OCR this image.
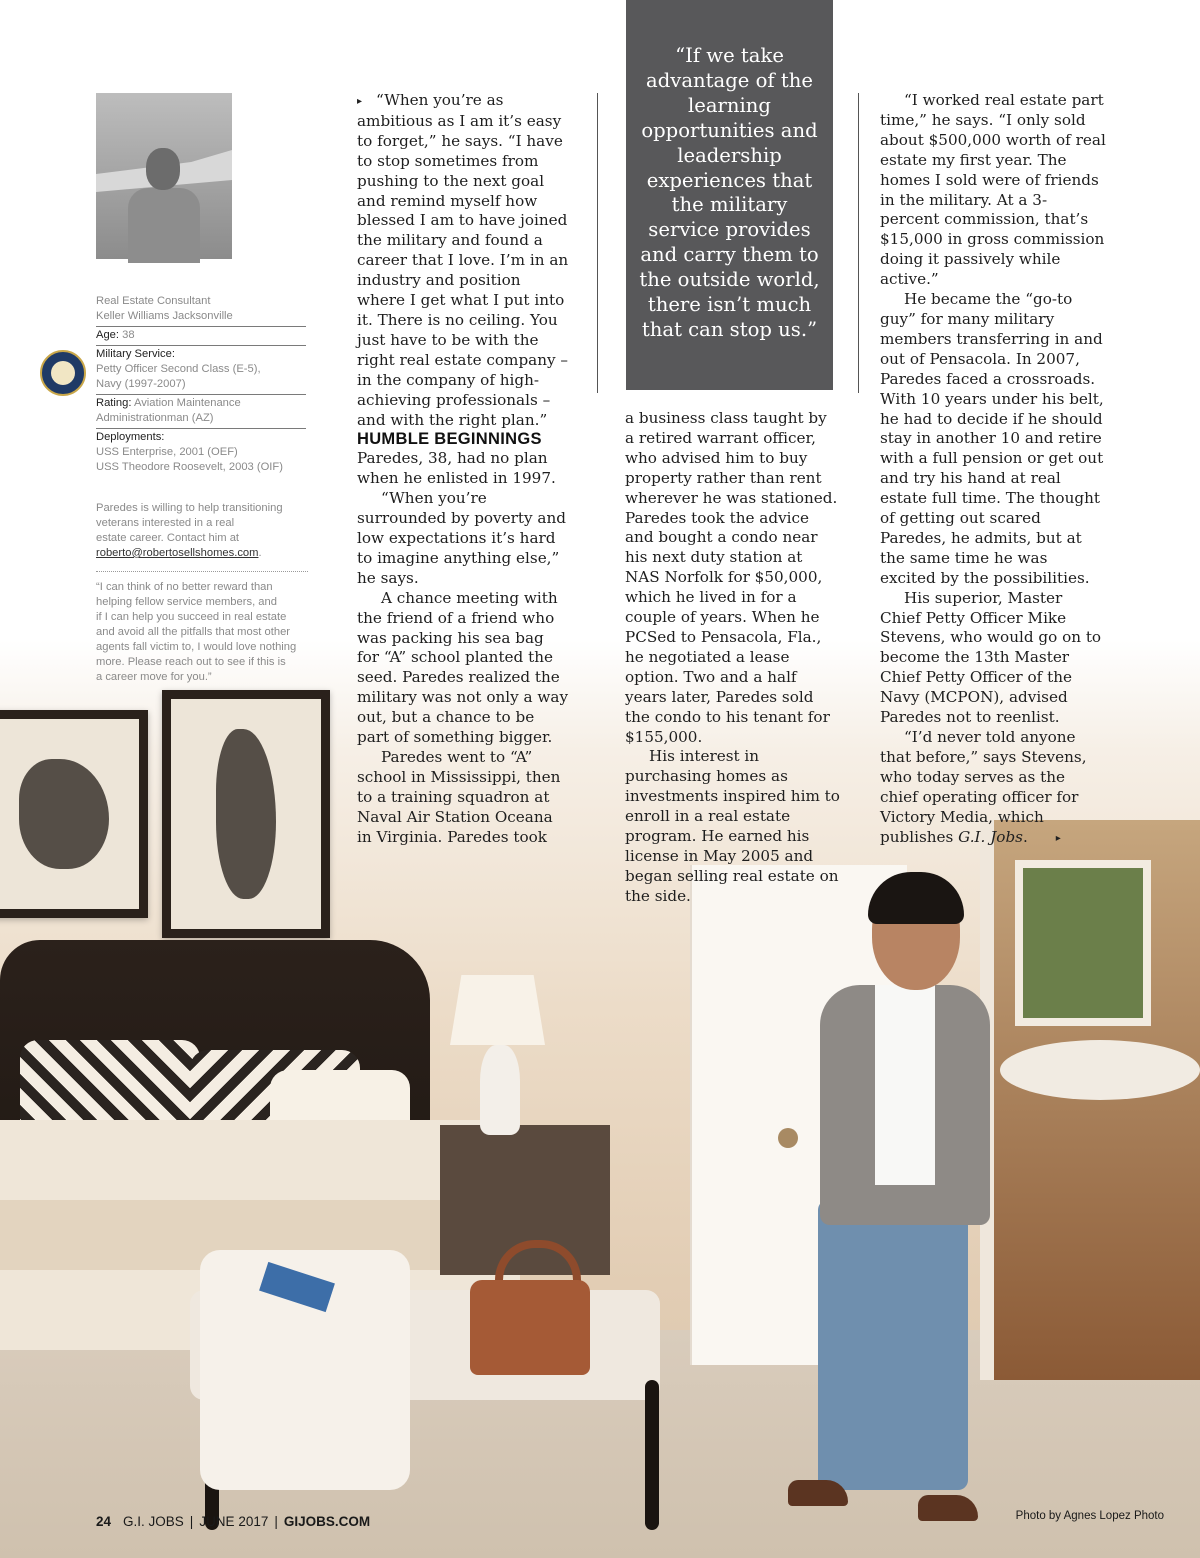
Real Estate Consultant
Keller Williams Jacksonville
Age: 38
Military Service:
Petty Officer Second Class (E-5),
Navy (1997-2007)
Rating: Aviation Maintenance
Administrationman (AZ)
Deployments:
USS Enterprise, 2001 (OEF)
USS Theodore Roosevelt, 2003 (OIF)
Paredes is willing to help transitioning
veterans interested in a real
estate career. Contact him at
roberto@robertosellshomes.com.
“I can think of no better reward than
helping fellow service members, and
if I can help you succeed in real estate
and avoid all the pitfalls that most other
agents fall victim to, I would love nothing
more. Please reach out to see if this is
a career move for you.”

▸ “When you’re as ambitious as I am it’s easy to forget,” he says. “I have to stop sometimes from pushing to the next goal and remind myself how blessed I am to have joined the military and found a career that I love. I’m in an industry and position where I get what I put into it. There is no ceiling. You just have to be with the right real estate company – in the company of high-achieving professionals – and with the right plan.”

HUMBLE BEGINNINGS

Paredes, 38, had no plan when he enlisted in 1997.

“When you’re surrounded by poverty and low expectations it’s hard to imagine anything else,” he says.

A chance meeting with the friend of a friend who was packing his sea bag for “A” school planted the seed. Paredes realized the military was not only a way out, but a chance to be part of something bigger.

Paredes went to “A” school in Mississippi, then to a training squadron at Naval Air Station Oceana in Virginia. Paredes took

“If we take advantage of the learning opportunities and leadership experiences that the military service provides and carry them to the outside world, there isn’t much that can stop us.”

a business class taught by a retired warrant officer, who advised him to buy property rather than rent wherever he was stationed. Paredes took the advice and bought a condo near his next duty station at NAS Norfolk for $50,000, which he lived in for a couple of years. When he PCSed to Pensacola, Fla., he negotiated a lease option. Two and a half years later, Paredes sold the condo to his tenant for $155,000.

His interest in purchasing homes as investments inspired him to enroll in a real estate program. He earned his license in May 2005 and began selling real estate on the side.

“I worked real estate part time,” he says. “I only sold about $500,000 worth of real estate my first year. The homes I sold were of friends in the military. At a 3-percent commission, that’s $15,000 in gross commission doing it passively while active.”

He became the “go-to guy” for many military members transferring in and out of Pensacola. In 2007, Paredes faced a crossroads. With 10 years under his belt, he had to decide if he should stay in another 10 and retire with a full pension or get out and try his hand at real estate full time. The thought of getting out scared Paredes, he admits, but at the same time he was excited by the possibilities.

His superior, Master Chief Petty Officer Mike Stevens, who would go on to become the 13th Master Chief Petty Officer of the Navy (MCPON), advised Paredes not to reenlist.

“I’d never told anyone that before,” says Stevens, who today serves as the chief operating officer for Victory Media, which publishes G.I. Jobs.	▸

24 G.I. JOBS | JUNE 2017 | GIJOBS.COM	Photo by Agnes Lopez Photo
